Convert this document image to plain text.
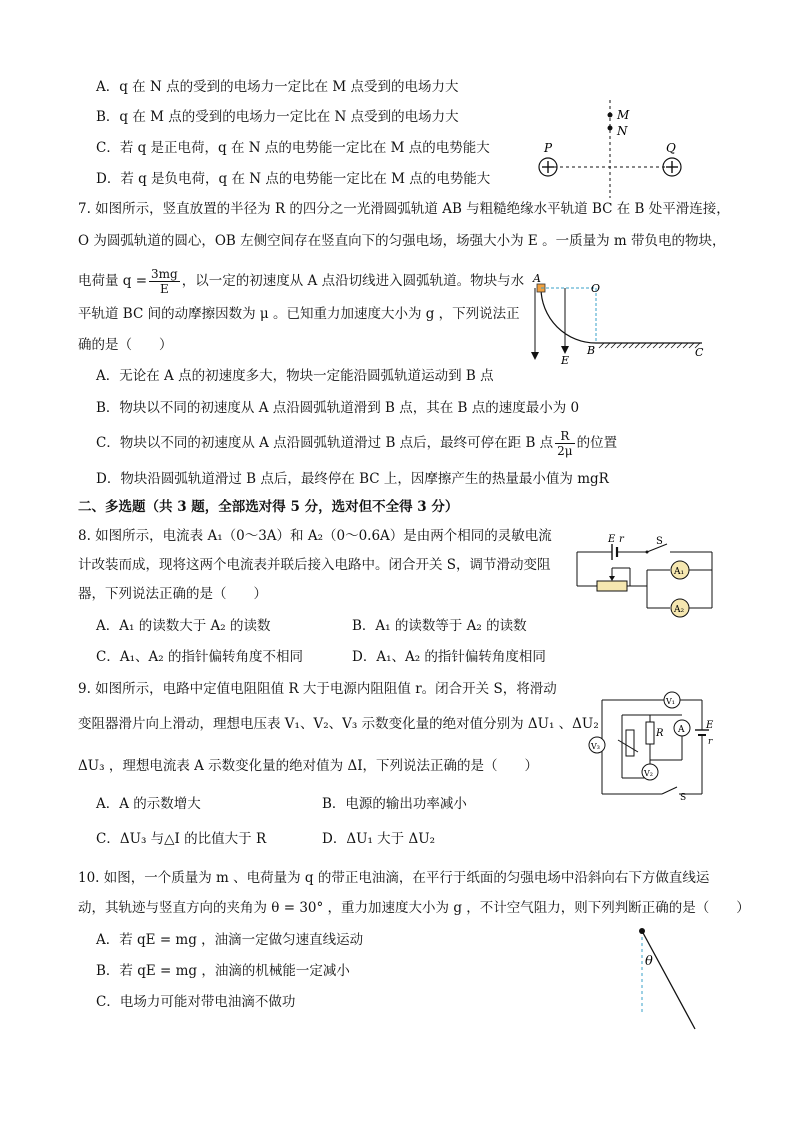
A．q 在 N 点的受到的电场力一定比在 M 点受到的电场力大
B．q 在 M 点的受到的电场力一定比在 N 点受到的电场力大
C．若 q 是正电荷，q 在 N 点的电势能一定比在 M 点的电势能大
D．若 q 是负电荷，q 在 N 点的电势能一定比在 M 点的电势能大
M
N
P	Q
7. 如图所示，竖直放置的半径为 R 的四分之一光滑圆弧轨道 AB 与粗糙绝缘水平轨道 BC 在 B 处平滑连接，
O 为圆弧轨道的圆心，OB 左侧空间存在竖直向下的匀强电场，场强大小为 E 。一质量为 m 带负电的物块，
电荷量 $q = \frac{3mg}{E}$ ，以一定的初速度从 A 点沿切线进入圆弧轨道。物块与水
平轨道 BC 间的动摩擦因数为 μ 。已知重力加速度大小为 g ，下列说法正
确的是（　　）
A
O
E
B	C
A．无论在 A 点的初速度多大，物块一定能沿圆弧轨道运动到 B 点
B．物块以不同的初速度从 A 点沿圆弧轨道滑到 B 点，其在 B 点的速度最小为 0
C．物块以不同的初速度从 A 点沿圆弧轨道滑过 B 点后，最终可停在距 B 点 $\frac{R}{2\mu}$ 的位置
D．物块沿圆弧轨道滑过 B 点后，最终停在 BC 上，因摩擦产生的热量最小值为 mgR
二、多选题（共 3 题，全部选对得 5 分，选对但不全得 3 分）
8. 如图所示，电流表 A₁（0～3A）和 A₂（0～0.6A）是由两个相同的灵敏电流
计改装而成，现将这两个电流表并联后接入电路中。闭合开关 S，调节滑动变阻
器，下列说法正确的是（　　）
A．A₁ 的读数大于 A₂ 的读数	B．A₁ 的读数等于 A₂ 的读数
C．A₁、A₂ 的指针偏转角度不相同	D．A₁、A₂ 的指针偏转角度相同
E r	S
A₁
A₂
9. 如图所示，电路中定值电阻阻值 R 大于电源内阻阻值 r。闭合开关 S，将滑动
变阻器滑片向上滑动，理想电压表 V₁、V₂、V₃ 示数变化量的绝对值分别为 ΔU₁ 、ΔU₂
ΔU₃ ，理想电流表 A 示数变化量的绝对值为 ΔI，下列说法正确的是（　　）
A．A 的示数增大	B．电源的输出功率减小
C．ΔU₃ 与△I 的比值大于 R	D．ΔU₁ 大于 ΔU₂
V₁
V₃
V₂
A
R
E
r
S
10. 如图，一个质量为 m 、电荷量为 q 的带正电油滴，在平行于纸面的匀强电场中沿斜向右下方做直线运
动，其轨迹与竖直方向的夹角为 θ = 30° ，重力加速度大小为 g ，不计空气阻力，则下列判断正确的是（　　）
A．若 qE = mg ，油滴一定做匀速直线运动
B．若 qE = mg ，油滴的机械能一定减小
C．电场力可能对带电油滴不做功
θ
